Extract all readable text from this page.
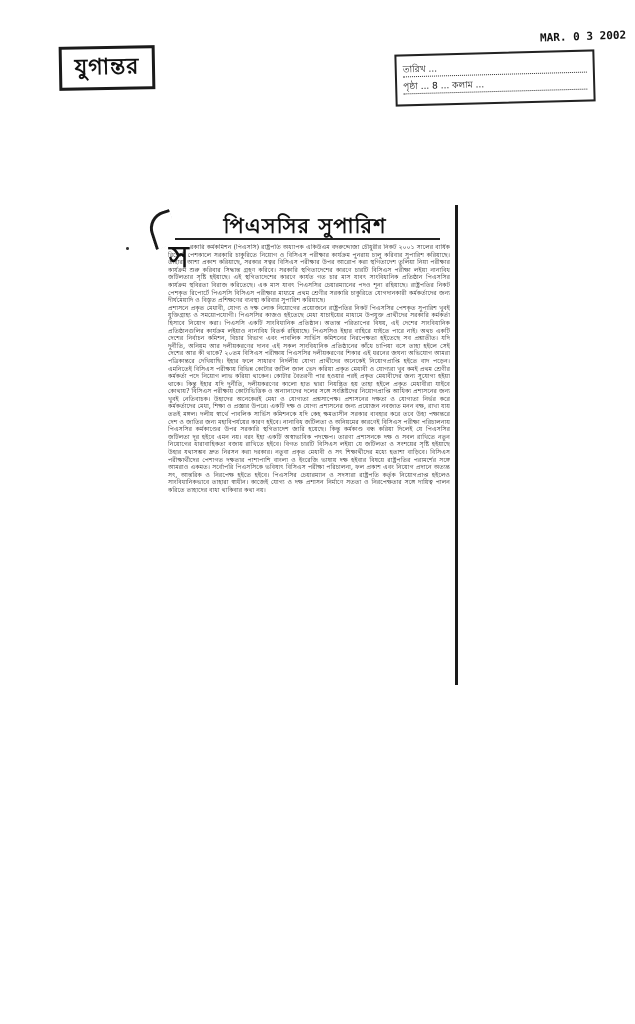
যুগান্তর
MAR. 0 3 2002
তারিখ ...
পৃষ্ঠা ... 8 ... কলাম ...
পিএসসির সুপারিশ
স রকারি কর্মকমিশন (পিএসসি) রাষ্ট্রপতি অধ্যাপক একিউএম বদরুদ্দোজা চৌধুরীর নিকট ২০০১ সালের বার্ষিক রিপোর্ট পেশকালে সরকারি চাকুরিতে নিয়োগ ও বিসিএস পরীক্ষার কার্যক্রম পুনরায় চালু করিবার সুপারিশ করিয়াছে। তাহারা আশা প্রকাশ করিয়াছে, সরকার সত্বর বিসিএস পরীক্ষার উপর আরোপ করা স্থগিতাদেশ তুলিয়া নিয়া পরীক্ষার কার্যক্রম শুরু করিবার সিদ্ধান্ত গ্রহণ করিবে। সরকারি স্থগিতাদেশের কারণে চারটি বিসিএস পরীক্ষা লইয়া নানাবিধ জটিলতার সৃষ্টি হইয়াছে। এই স্থগিতাদেশের কারণে কার্যত গত চার মাস যাবৎ সাংবিধানিক প্রতিষ্ঠান পিএসসির কার্যক্রম স্থবিরতা বিরাজ করিতেছে। এক মাস যাবৎ পিএসসির চেয়ারম্যানের পদও শূন্য রহিয়াছে। রাষ্ট্রপতির নিকট পেশকৃত রিপোর্টে পিএসসি বিসিএস পরীক্ষার মাধ্যমে প্রথম শ্রেণীর সরকারি চাকুরিতে যোগদানকারী কর্মকর্তাদের জন্য দীর্ঘমেয়াদি ও বিস্তৃত প্রশিক্ষণের ব্যবস্থা করিবার সুপারিশ করিয়াছে।

প্রশাসনে প্রকৃত মেধাবী, যোগ্য ও দক্ষ লোক নিয়োগের প্রয়োজনে রাষ্ট্রপতির নিকট পিএসসির পেশকৃত সুপারিশ খুবই যুক্তিগ্রাহ্য ও সময়োপযোগী। পিএসসির কাজও হইতেছে মেধা যাচাইয়ের মাধ্যমে উপযুক্ত প্রার্থীদের সরকারি কর্মকর্তা হিসাবে নিয়োগ করা। পিএসসি একটি সাংবিধানিক প্রতিষ্ঠান। অত্যন্ত পরিতাপের বিষয়, এই দেশের সাংবিধানিক প্রতিষ্ঠানগুলির কার্যক্রম লইয়াও নানাবিধ বিতর্ক রহিয়াছে। পিএসসিও ইহার বাহিরে যাইতে পারে নাই। অথচ একটি দেশের নির্বাচন কমিশন, বিচার বিভাগ এবং পাবলিক সার্ভিস কমিশনের নিরপেক্ষতা হইতেছে সব প্রশ্নাতীত। যদি দুর্নীতি, অনিয়ম আর দলীয়করণের দানব এই সকল সাংবিধানিক প্রতিষ্ঠানের কাঁধে চাপিয়া বসে তাহা হইলে সেই দেশের আর কী থাকে? ২০তম বিসিএস পরীক্ষায় পিএসসির দলীয়করণের শিকার এই ধরনের জঘন্য অভিযোগ আমরা পত্রিকান্তরে দেখিয়াছি। ইহার ফলে সাধারণ নির্দলীয় যোগ্য প্রার্থীদের অনেকেই নিয়োগপ্রাপ্তি হইতে বাদ পড়েন। এমনিতেই বিসিএস পরীক্ষায় বিভিন্ন কোটার জটিল জাল ভেদ করিয়া প্রকৃত মেধাবী ও যোগ্যরা খুব কমই প্রথম শ্রেণীর কর্মকর্তা পদে নিয়োগ লাভ করিয়া থাকেন। কোটার বৈতরণী পার হওয়ার পরই প্রকৃত মেধাবীদের জন্য সুযোগ্য হইয়া থাকে। কিন্তু ইহার যদি দুর্নীতি, দলীয়করণের কালো হাত দ্বারা নিয়ন্ত্রিত হয় তাহা হইলে প্রকৃত মেধাবীরা যাইবে কোথায়? বিসিএস পরীক্ষায় কোটাভিত্তিক ও অন্যান্যদের দলের সঙ্গে সংশ্লিষ্টদের নিয়োগপ্রাপ্তি আধিক্য প্রশাসনের জন্য খুবই নেতিবাচক। উহাদের অনেকেরই মেধা ও যোগ্যতা প্রশ্নসাপেক্ষ। প্রশাসনের দক্ষতা ও যোগ্যতা নির্ভর করে কর্মকর্তাদের মেধা, শিক্ষা ও প্রজ্ঞার উপরে। একটি দক্ষ ও যোগ্য প্রশাসনের জন্য প্রয়োজন নবজাত মনন বক্ষ, রাখা যায় ততই মঙ্গল। দলীয় স্বার্থে পাবলিক সার্ভিস কমিশনকে যদি কেহ ক্ষমতাসীন সরকার ব্যবহার করে তবে উহা পক্ষান্তরে দেশ ও জাতির জন্য মহাবিপর্যয়ের কারণ হইবে। নানাবিধ জটিলতা ও অনিয়মের কারণেই বিসিএস পরীক্ষা পরিচালনায় পিএসসির কর্মকাণ্ডের উপর সরকারি স্থগিতাদেশ জারি হয়েছে। কিন্তু কর্মকাণ্ড বন্ধ করিয়া দিলেই যে পিএসসির জটিলতা দূর হইবে এমন নয়। বরং ইহা একটি অস্বাভাবিক পদক্ষেপ। তারণা প্রশাসনকে দক্ষ ও সবল রাখিতে নতুন নিয়োগের ধারাবাহিকতা বজায় রাখিতে হইবে। বিগত চারটি বিসিএস লইয়া যে জটিলতা ও সংশয়ের সৃষ্টি হইয়াছে উহার যথাসম্ভব দ্রুত নিরসন করা দরকার। নতুবা প্রকৃত মেধাবী ও সৎ শিক্ষার্থীদের মধ্যে হতাশা বাড়িবে। বিসিএস পরীক্ষার্থীদের পেশাগত দক্ষতার পাশাপাশি বাংলা ও ইংরেজি ভাষায় দক্ষ হইবার বিষয়ে রাষ্ট্রপতির পরামর্শের সঙ্গে আমরাও একমত। সর্বোপরি পিএসসিকে ভবিষ্যৎ বিসিএস পরীক্ষা পরিচালনা, ফল প্রকাশ এবং নিয়োগ প্রদানে অত্যন্ত সৎ, আন্তরিক ও নিরপেক্ষ হইতে হইবে। পিএসসির চেয়ারম্যান ও সদস্যরা রাষ্ট্রপতি কর্তৃক নিয়োগপ্রাপ্ত হইলেও সাংবিধানিকভাবে তাহারা স্বাধীন। কাজেই যোগ্য ও দক্ষ প্রশাসন নির্মাণে সততা ও নিরপেক্ষতার সঙ্গে দায়িত্ব পালন করিতে তাহাদের বাধা থাকিবার কথা নয়।
